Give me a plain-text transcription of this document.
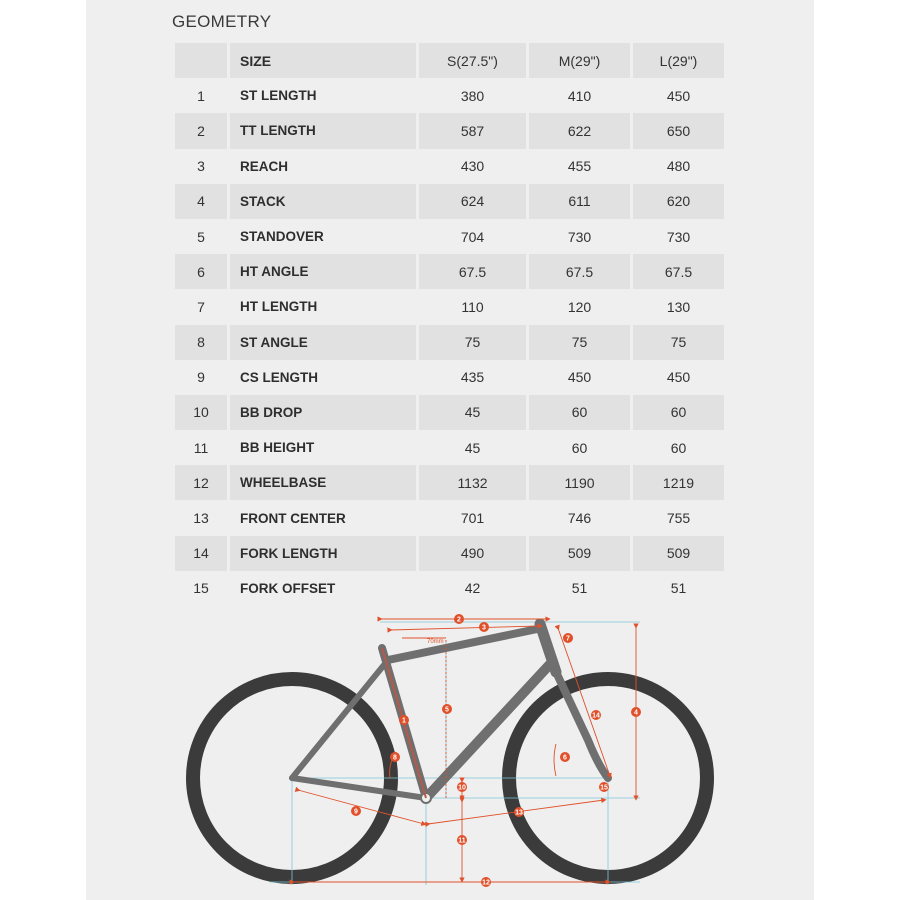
GEOMETRY
	SIZE	S(27.5")	M(29")	L(29")
1	ST LENGTH	380	410	450
2	TT LENGTH	587	622	650
3	REACH	430	455	480
4	STACK	624	611	620
5	STANDOVER	704	730	730
6	HT ANGLE	67.5	67.5	67.5
7	HT LENGTH	110	120	130
8	ST ANGLE	75	75	75
9	CS LENGTH	435	450	450
10	BB DROP	45	60	60
11	BB HEIGHT	45	60	60
12	WHEELBASE	1132	1190	1219
13	FRONT CENTER	701	746	755
14	FORK LENGTH	490	509	509
15	FORK OFFSET	42	51	51
70mm
1
2
3
4
5
6
7
8
9
10
11
12
13
14
15
